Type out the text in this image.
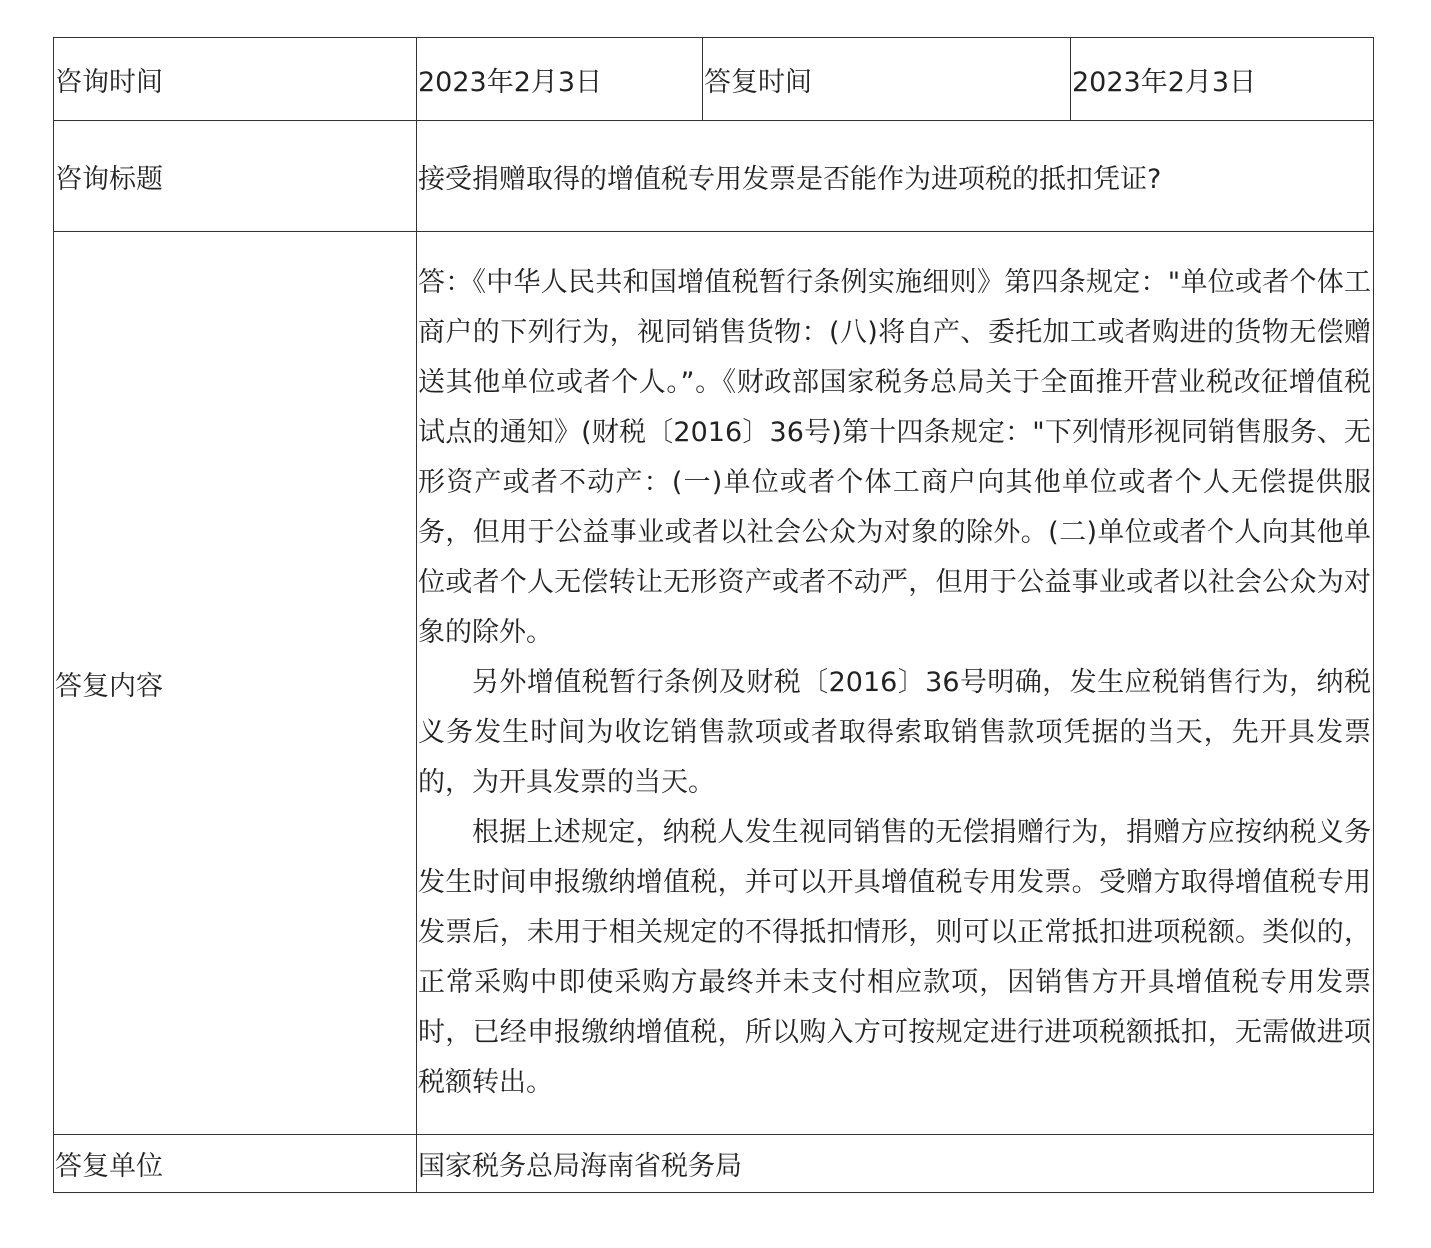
咨询时间	2023年2月3日	答复时间	2023年2月3日
咨询标题	接受捐赠取得的增值税专用发票是否能作为进项税的抵扣凭证?		
答复内容	答：《中华人民共和国增值税暂行条例实施细则》第四条规定："单位或者个体工商户的下列行为，视同销售货物：(八)将自产、委托加工或者购进的货物无偿赠送其他单位或者个人。”。《财政部国家税务总局关于全面推开营业税改征增值税试点的通知》(财税〔2016〕36号)第十四条规定："下列情形视同销售服务、无形资产或者不动产：(一)单位或者个体工商户向其他单位或者个人无偿提供服务，但用于公益事业或者以社会公众为对象的除外。(二)单位或者个人向其他单位或者个人无偿转让无形资产或者不动严，但用于公益事业或者以社会公众为对象的除外。

另外增值税暂行条例及财税〔2016〕36号明确，发生应税销售行为，纳税义务发生时间为收讫销售款项或者取得索取销售款项凭据的当天，先开具发票的，为开具发票的当天。

根据上述规定，纳税人发生视同销售的无偿捐赠行为，捐赠方应按纳税义务发生时间申报缴纳增值税，并可以开具增值税专用发票。受赠方取得增值税专用发票后，未用于相关规定的不得抵扣情形，则可以正常抵扣进项税额。类似的，正常采购中即使采购方最终并未支付相应款项，因销售方开具增值税专用发票时，已经申报缴纳增值税，所以购入方可按规定进行进项税额抵扣，无需做进项税额转出。		

答复单位	国家税务总局海南省税务局		
